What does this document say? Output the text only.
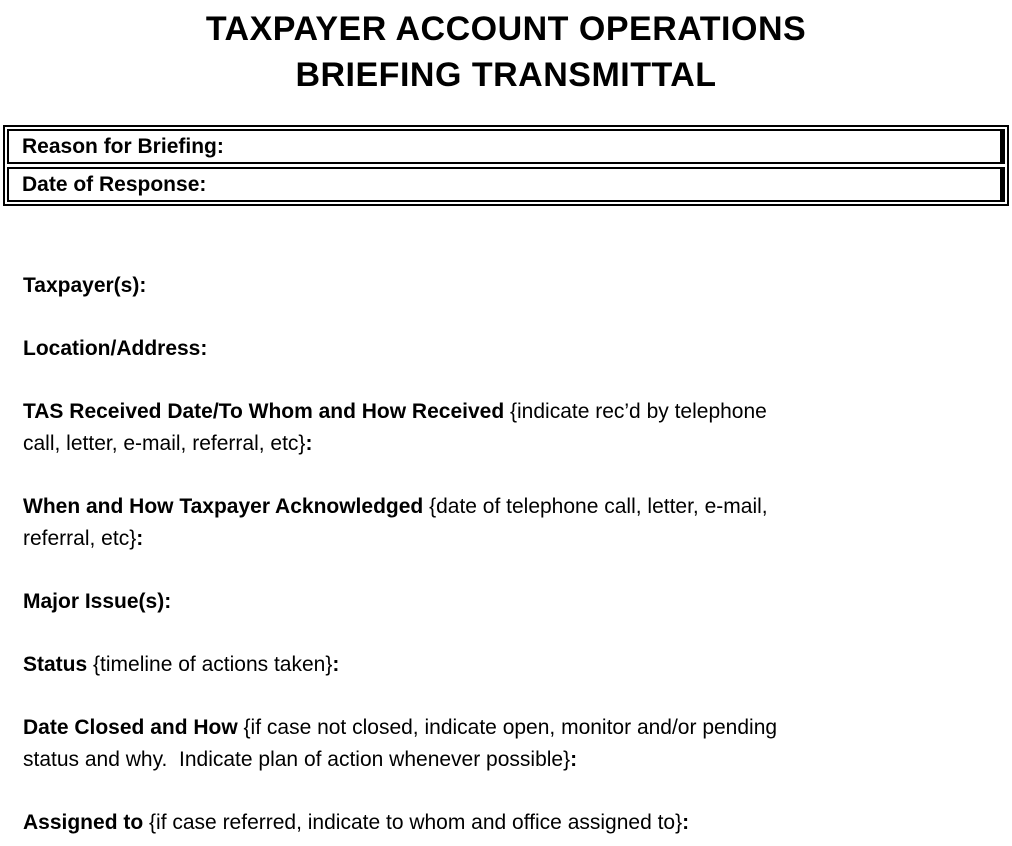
TAXPAYER ACCOUNT OPERATIONS
BRIEFING TRANSMITTAL
Reason for Briefing:
Date of Response:

Taxpayer(s):

Location/Address:

TAS Received Date/To Whom and How Received {indicate rec’d by telephone
call, letter, e-mail, referral, etc}:

When and How Taxpayer Acknowledged {date of telephone call, letter, e-mail,
referral, etc}:

Major Issue(s):

Status {timeline of actions taken}:

Date Closed and How {if case not closed, indicate open, monitor and/or pending
status and why.  Indicate plan of action whenever possible}:

Assigned to {if case referred, indicate to whom and office assigned to}:
